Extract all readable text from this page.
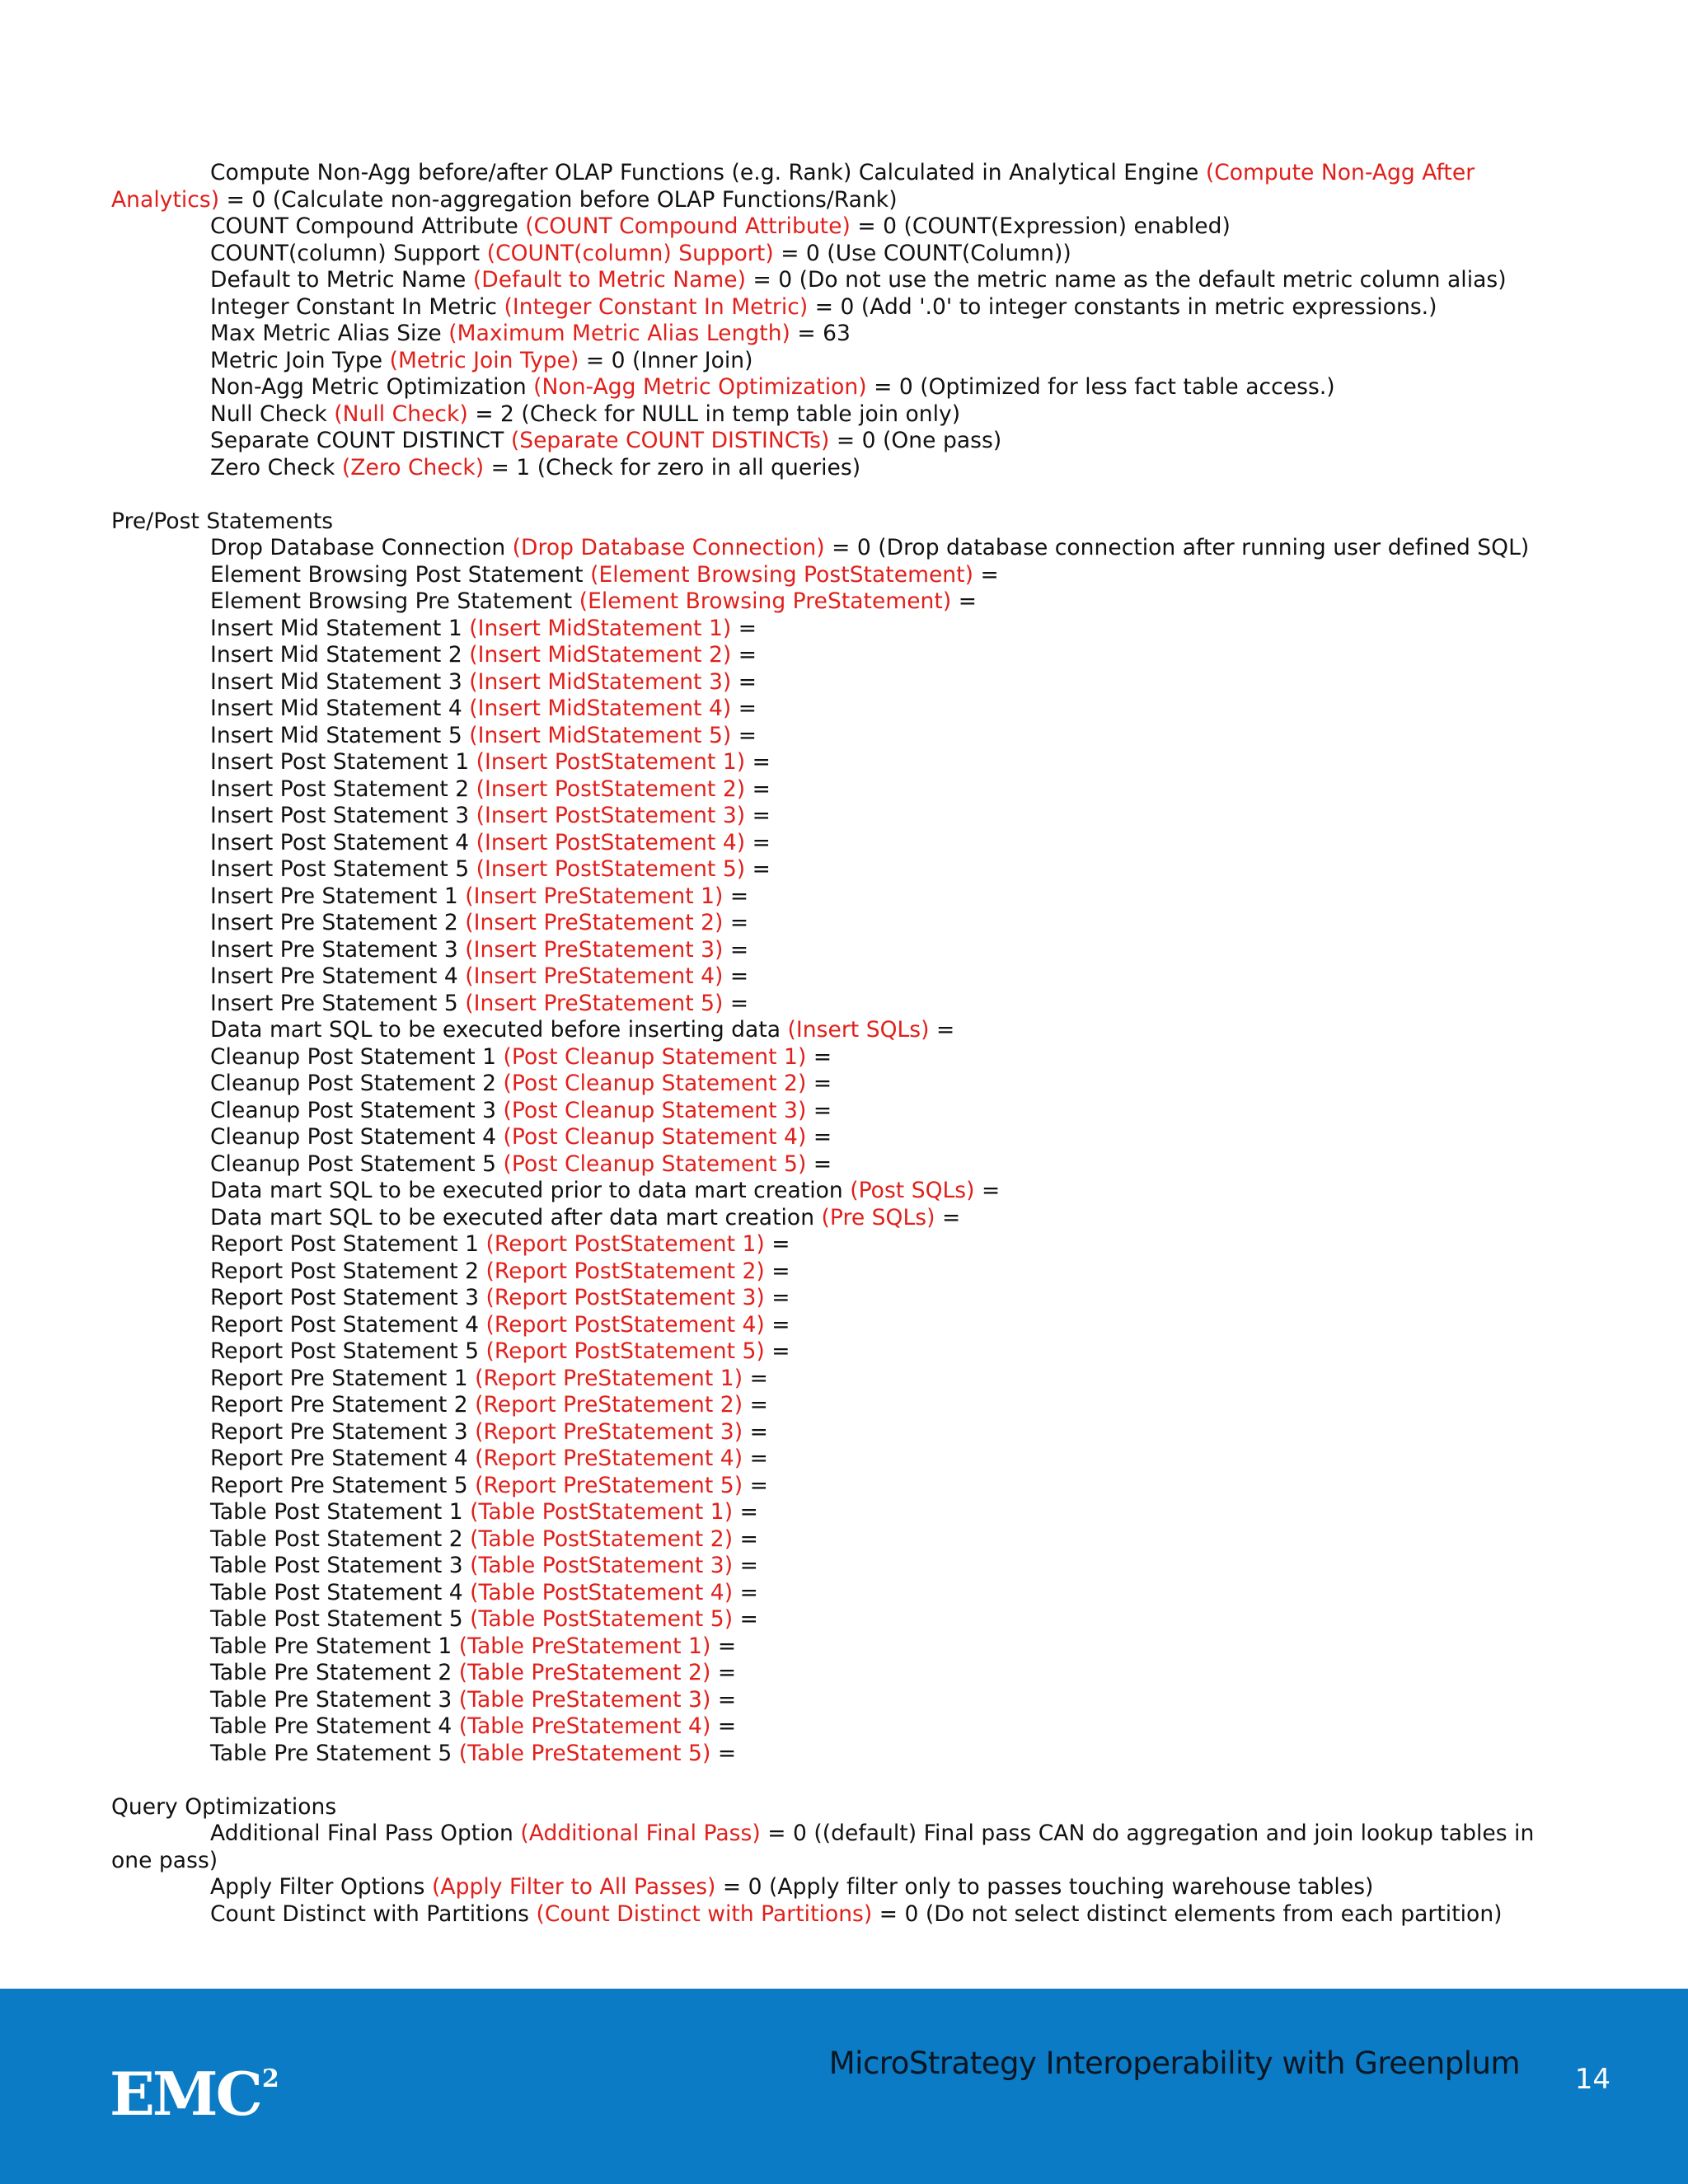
Compute Non-Agg before/after OLAP Functions (e.g. Rank) Calculated in Analytical Engine (Compute Non-Agg After Analytics) = 0 (Calculate non-aggregation before OLAP Functions/Rank)
COUNT Compound Attribute (COUNT Compound Attribute) = 0 (COUNT(Expression) enabled)
COUNT(column) Support (COUNT(column) Support) = 0 (Use COUNT(Column))
Default to Metric Name (Default to Metric Name) = 0 (Do not use the metric name as the default metric column alias)
Integer Constant In Metric (Integer Constant In Metric) = 0 (Add '.0' to integer constants in metric expressions.)
Max Metric Alias Size (Maximum Metric Alias Length) = 63
Metric Join Type (Metric Join Type) = 0 (Inner Join)
Non-Agg Metric Optimization (Non-Agg Metric Optimization) = 0 (Optimized for less fact table access.)
Null Check (Null Check) = 2 (Check for NULL in temp table join only)
Separate COUNT DISTINCT (Separate COUNT DISTINCTs) = 0 (One pass)
Zero Check (Zero Check) = 1 (Check for zero in all queries)
Pre/Post Statements
Drop Database Connection (Drop Database Connection) = 0 (Drop database connection after running user defined SQL)
Element Browsing Post Statement (Element Browsing PostStatement) =
Element Browsing Pre Statement (Element Browsing PreStatement) =
Insert Mid Statement 1 (Insert MidStatement 1) =
Insert Mid Statement 2 (Insert MidStatement 2) =
Insert Mid Statement 3 (Insert MidStatement 3) =
Insert Mid Statement 4 (Insert MidStatement 4) =
Insert Mid Statement 5 (Insert MidStatement 5) =
Insert Post Statement 1 (Insert PostStatement 1) =
Insert Post Statement 2 (Insert PostStatement 2) =
Insert Post Statement 3 (Insert PostStatement 3) =
Insert Post Statement 4 (Insert PostStatement 4) =
Insert Post Statement 5 (Insert PostStatement 5) =
Insert Pre Statement 1 (Insert PreStatement 1) =
Insert Pre Statement 2 (Insert PreStatement 2) =
Insert Pre Statement 3 (Insert PreStatement 3) =
Insert Pre Statement 4 (Insert PreStatement 4) =
Insert Pre Statement 5 (Insert PreStatement 5) =
Data mart SQL to be executed before inserting data (Insert SQLs) =
Cleanup Post Statement 1 (Post Cleanup Statement 1) =
Cleanup Post Statement 2 (Post Cleanup Statement 2) =
Cleanup Post Statement 3 (Post Cleanup Statement 3) =
Cleanup Post Statement 4 (Post Cleanup Statement 4) =
Cleanup Post Statement 5 (Post Cleanup Statement 5) =
Data mart SQL to be executed prior to data mart creation (Post SQLs) =
Data mart SQL to be executed after data mart creation (Pre SQLs) =
Report Post Statement 1 (Report PostStatement 1) =
Report Post Statement 2 (Report PostStatement 2) =
Report Post Statement 3 (Report PostStatement 3) =
Report Post Statement 4 (Report PostStatement 4) =
Report Post Statement 5 (Report PostStatement 5) =
Report Pre Statement 1 (Report PreStatement 1) =
Report Pre Statement 2 (Report PreStatement 2) =
Report Pre Statement 3 (Report PreStatement 3) =
Report Pre Statement 4 (Report PreStatement 4) =
Report Pre Statement 5 (Report PreStatement 5) =
Table Post Statement 1 (Table PostStatement 1) =
Table Post Statement 2 (Table PostStatement 2) =
Table Post Statement 3 (Table PostStatement 3) =
Table Post Statement 4 (Table PostStatement 4) =
Table Post Statement 5 (Table PostStatement 5) =
Table Pre Statement 1 (Table PreStatement 1) =
Table Pre Statement 2 (Table PreStatement 2) =
Table Pre Statement 3 (Table PreStatement 3) =
Table Pre Statement 4 (Table PreStatement 4) =
Table Pre Statement 5 (Table PreStatement 5) =
Query Optimizations
Additional Final Pass Option (Additional Final Pass) = 0 ((default) Final pass CAN do aggregation and join lookup tables in one pass)
Apply Filter Options (Apply Filter to All Passes) = 0 (Apply filter only to passes touching warehouse tables)
Count Distinct with Partitions (Count Distinct with Partitions) = 0 (Do not select distinct elements from each partition)
EMC$^2$	MicroStrategy Interoperability with Greenplum 14
